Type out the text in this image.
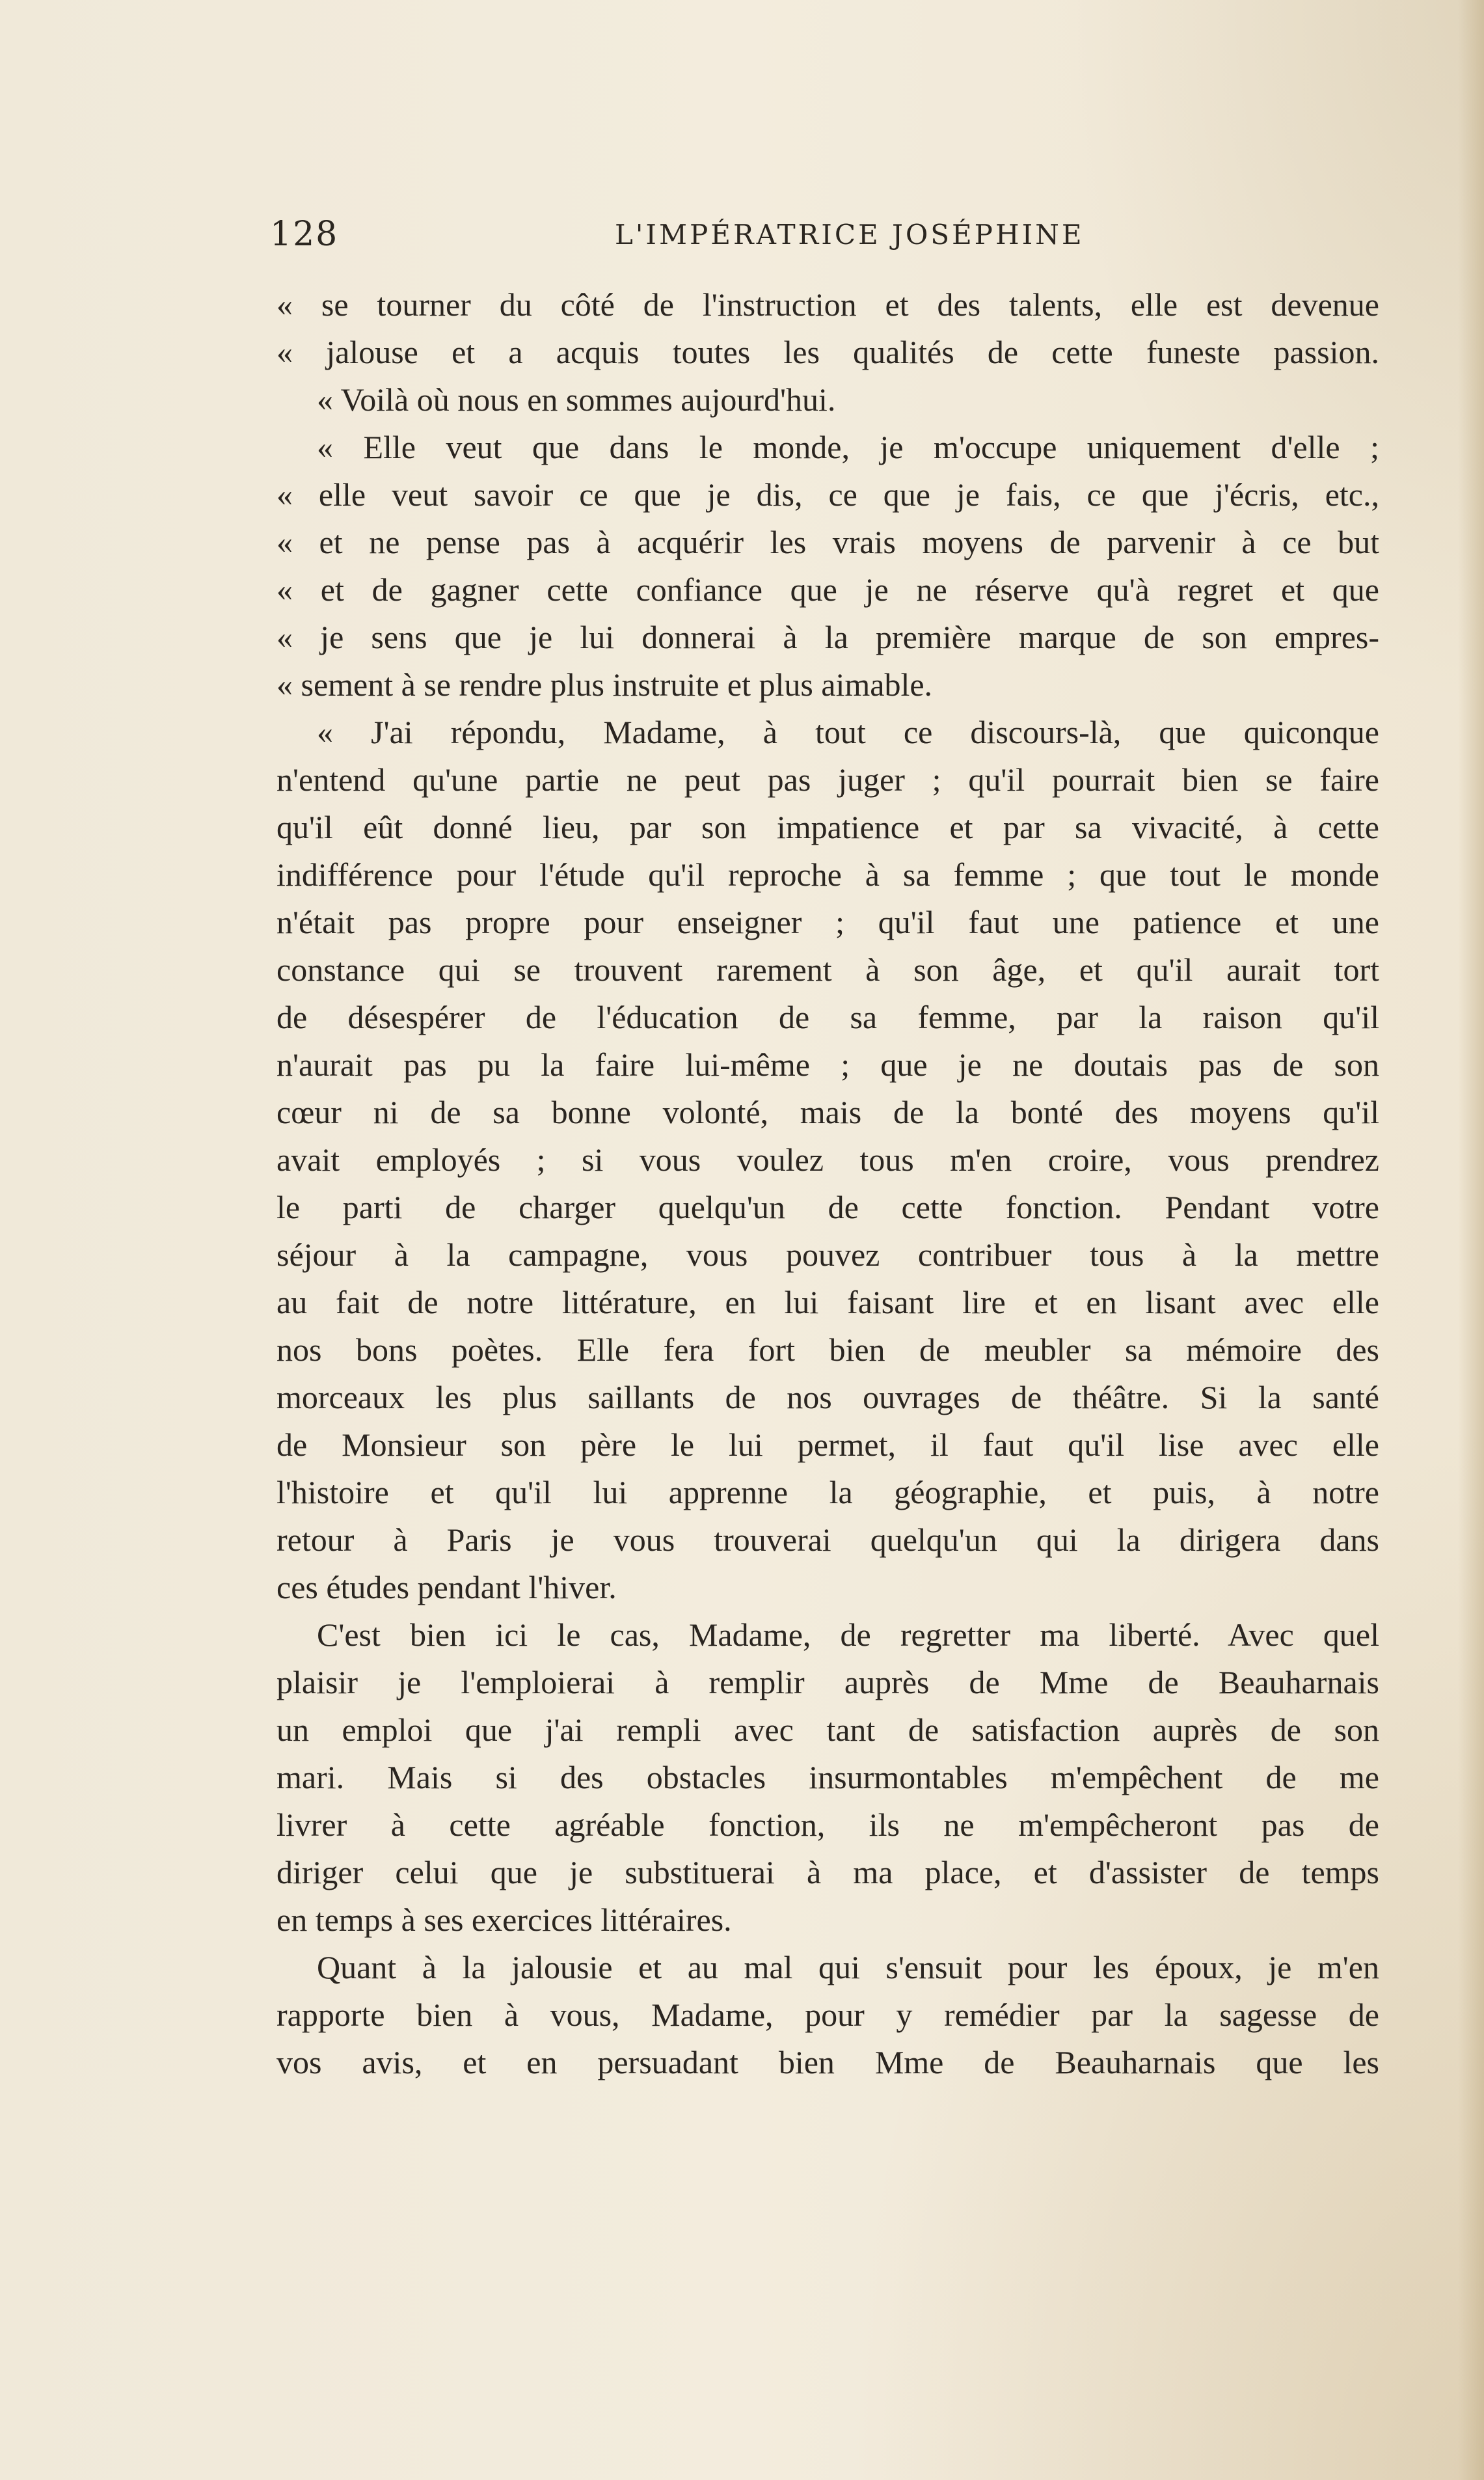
128	L'IMPÉRATRICE JOSÉPHINE
« se tourner du côté de l'instruction et des talents, elle est devenue
« jalouse et a acquis toutes les qualités de cette funeste passion.
« Voilà où nous en sommes aujourd'hui.
« Elle veut que dans le monde, je m'occupe uniquement d'elle ;
« elle veut savoir ce que je dis, ce que je fais, ce que j'écris, etc.,
« et ne pense pas à acquérir les vrais moyens de parvenir à ce but
« et de gagner cette confiance que je ne réserve qu'à regret et que
« je sens que je lui donnerai à la première marque de son empres-
« sement à se rendre plus instruite et plus aimable.
« J'ai répondu, Madame, à tout ce discours-là, que quiconque
n'entend qu'une partie ne peut pas juger ; qu'il pourrait bien se faire
qu'il eût donné lieu, par son impatience et par sa vivacité, à cette
indifférence pour l'étude qu'il reproche à sa femme ; que tout le monde
n'était pas propre pour enseigner ; qu'il faut une patience et une
constance qui se trouvent rarement à son âge, et qu'il aurait tort
de désespérer de l'éducation de sa femme, par la raison qu'il
n'aurait pas pu la faire lui-même ; que je ne doutais pas de son
cœur ni de sa bonne volonté, mais de la bonté des moyens qu'il
avait employés ; si vous voulez tous m'en croire, vous prendrez
le parti de charger quelqu'un de cette fonction. Pendant votre
séjour à la campagne, vous pouvez contribuer tous à la mettre
au fait de notre littérature, en lui faisant lire et en lisant avec elle
nos bons poètes. Elle fera fort bien de meubler sa mémoire des
morceaux les plus saillants de nos ouvrages de théâtre. Si la santé
de Monsieur son père le lui permet, il faut qu'il lise avec elle
l'histoire et qu'il lui apprenne la géographie, et puis, à notre
retour à Paris je vous trouverai quelqu'un qui la dirigera dans
ces études pendant l'hiver.
C'est bien ici le cas, Madame, de regretter ma liberté. Avec quel
plaisir je l'emploierai à remplir auprès de Mme de Beauharnais
un emploi que j'ai rempli avec tant de satisfaction auprès de son
mari. Mais si des obstacles insurmontables m'empêchent de me
livrer à cette agréable fonction, ils ne m'empêcheront pas de
diriger celui que je substituerai à ma place, et d'assister de temps
en temps à ses exercices littéraires.
Quant à la jalousie et au mal qui s'ensuit pour les époux, je m'en
rapporte bien à vous, Madame, pour y remédier par la sagesse de
vos avis, et en persuadant bien Mme de Beauharnais que les
